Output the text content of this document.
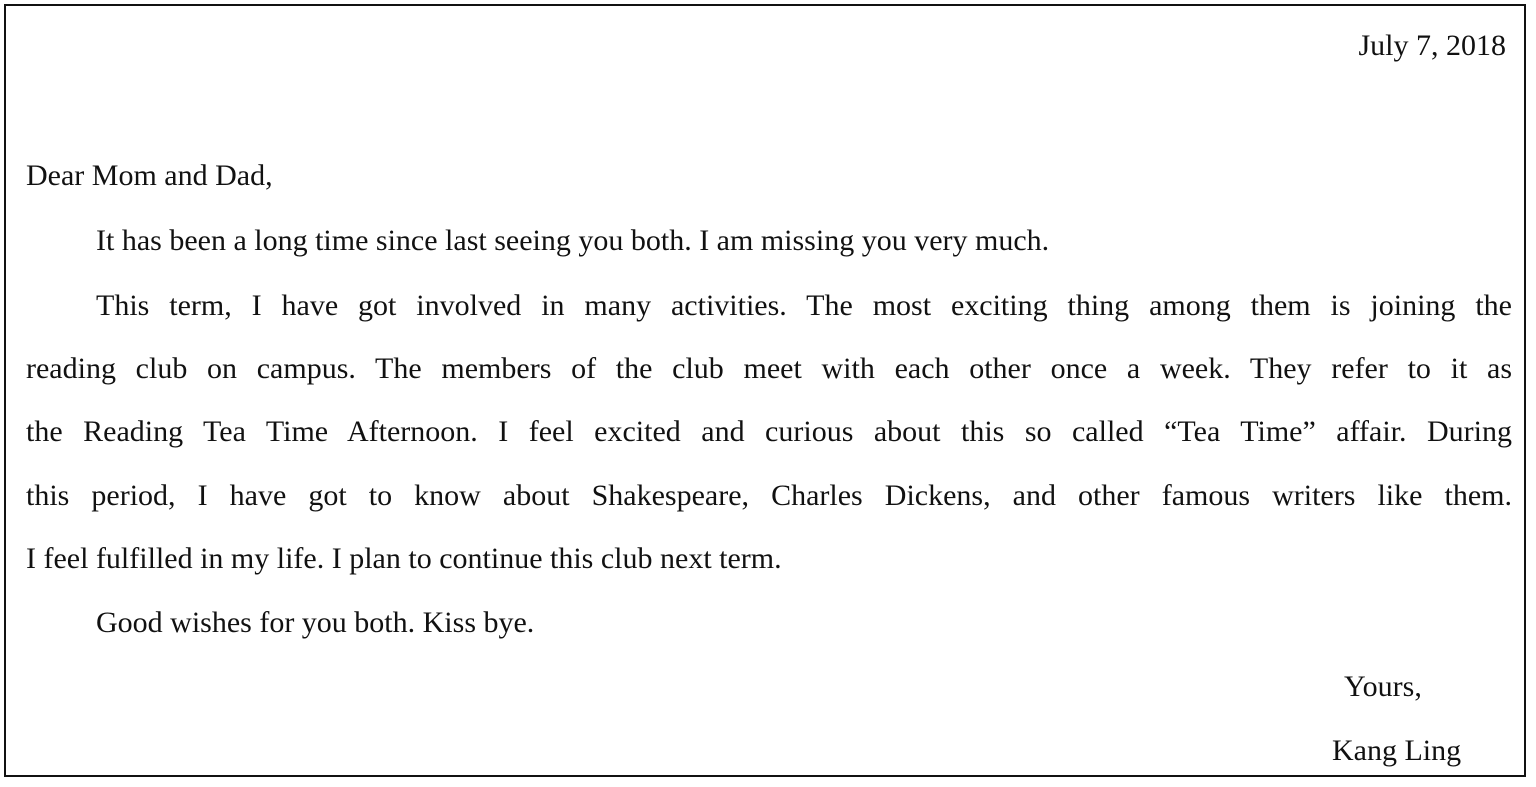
July 7, 2018
Dear Mom and Dad,
It has been a long time since last seeing you both. I am missing you very much.
This term, I have got involved in many activities. The most exciting thing among them is joining the
reading club on campus. The members of the club meet with each other once a week. They refer to it as
the Reading Tea Time Afternoon. I feel excited and curious about this so called “Tea Time” affair. During
this period, I have got to know about Shakespeare, Charles Dickens, and other famous writers like them.
I feel fulfilled in my life. I plan to continue this club next term.
Good wishes for you both. Kiss bye.
Yours,
Kang Ling
